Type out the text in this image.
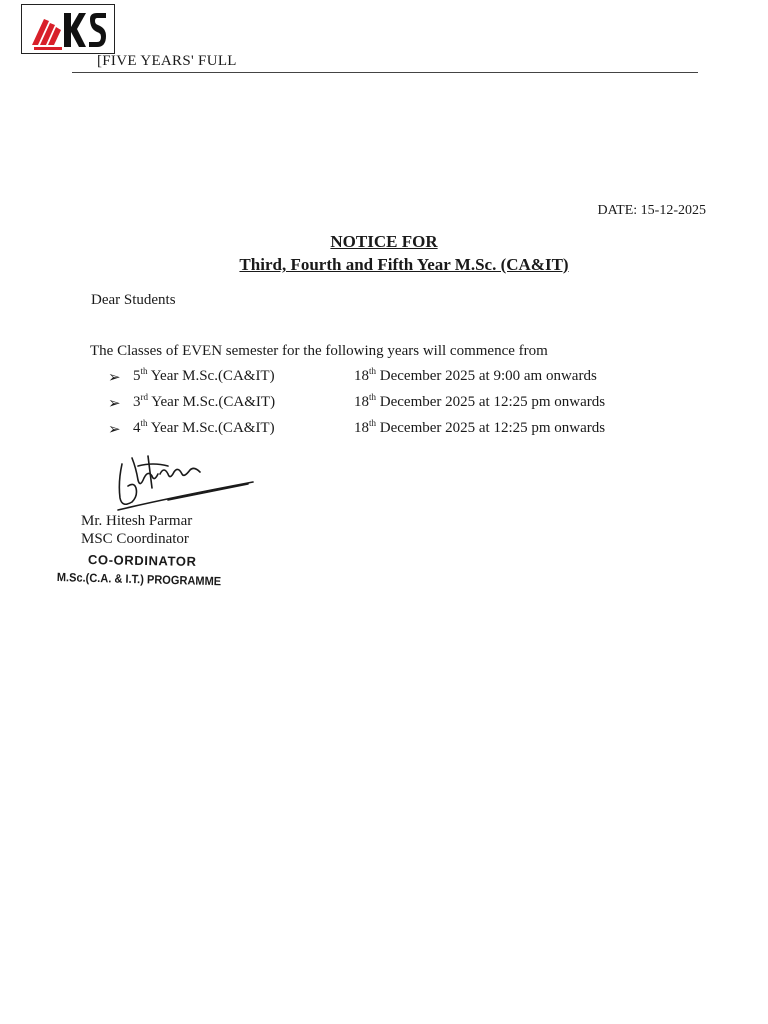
[FIVE YEARS' FULL
DATE: 15-12-2025
NOTICE FOR
Third, Fourth and Fifth Year M.Sc. (CA&IT)
Dear Students
The Classes of EVEN semester for the following years will commence from
➢ 5th Year M.Sc.(CA&IT)	18th December 2025 at 9:00 am onwards
➢ 3rd Year M.Sc.(CA&IT)	18th December 2025 at 12:25 pm onwards
➢ 4th Year M.Sc.(CA&IT)	18th December 2025 at 12:25 pm onwards
Mr. Hitesh Parmar
MSC Coordinator
CO-ORDINATOR
M.Sc.(C.A. & I.T.) PROGRAMME
